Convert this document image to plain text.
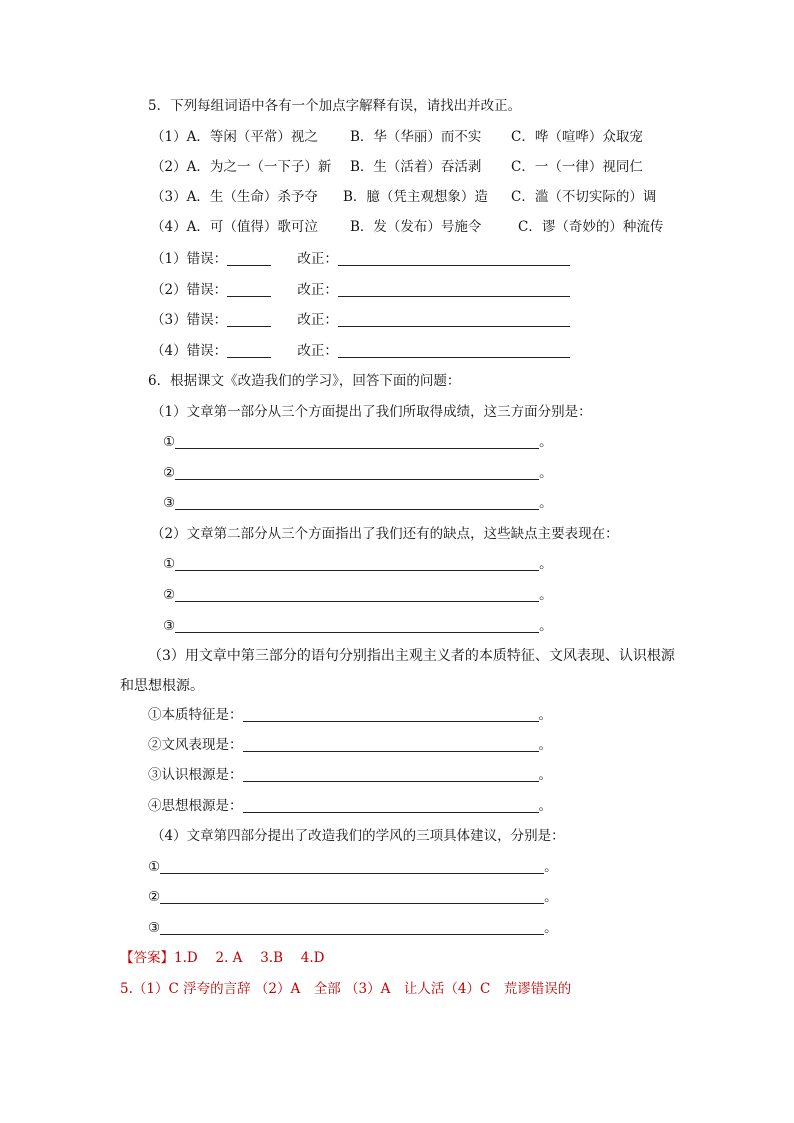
5．下列每组词语中各有一个加点字解释有误，请找出并改正。
（1）A．等闲（平常）视之 B．华（华丽）而不实 C．哗（喧哗）众取宠
（2）A．为之一（一下子）新 B．生（活着）吞活剥 C．一（一律）视同仁
（3）A．生（生命）杀予夺 B．臆（凭主观想象）造 C．滥（不切实际的）调
（4）A．可（值得）歌可泣 B．发（发布）号施令	C．谬（奇妙的）种流传
（1）错误：	改正：
（2）错误：	改正：
（3）错误：	改正：
（4）错误：	改正：
6．根据课文《改造我们的学习》，回答下面的问题：
（1）文章第一部分从三个方面提出了我们所取得成绩，这三方面分别是：
①	。
②	。
③	。
（2）文章第二部分从三个方面指出了我们还有的缺点，这些缺点主要表现在：
①	。
②	。
③	。
（3）用文章中第三部分的语句分别指出主观主义者的本质特征、文风表现、认识根源
和思想根源。
①本质特征是：	。
②文风表现是：	。
③认识根源是：	。
④思想根源是：	。
（4）文章第四部分提出了改造我们的学风的三项具体建议，分别是：
①	。
②	。
③	。
【答案】1.D　 2. A　 3.B　 4.D
5.（1）C 浮夸的言辞 （2）A　全部 （3）A　让人活（4）C　荒谬错误的
